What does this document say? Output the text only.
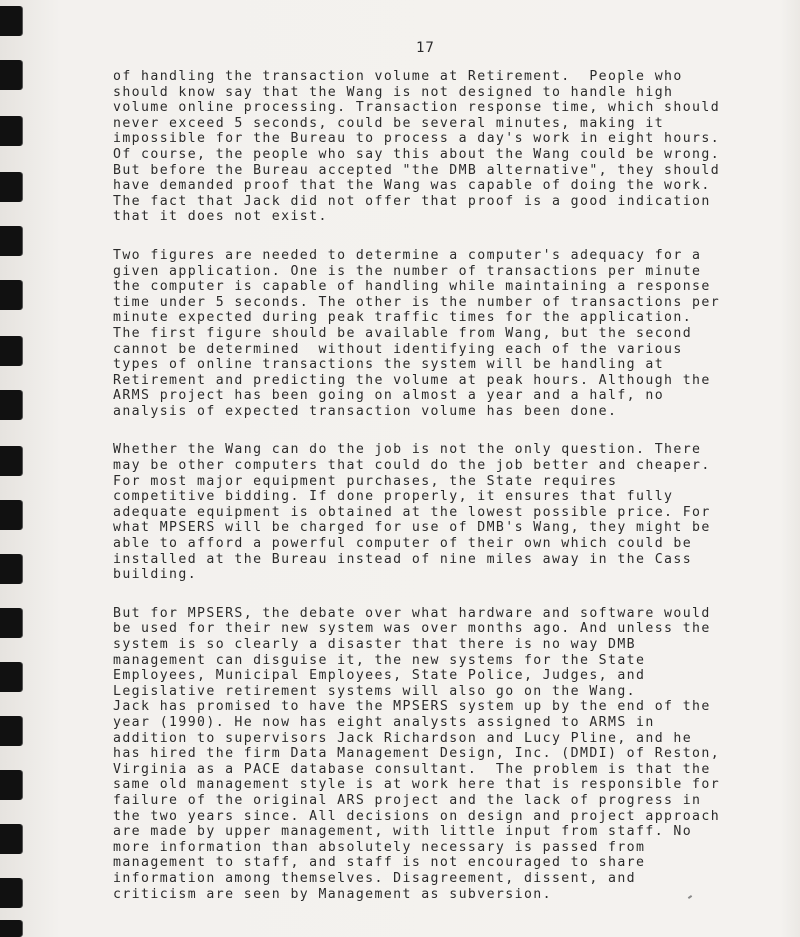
17
of handling the transaction volume at Retirement.  People who
should know say that the Wang is not designed to handle high
volume online processing. Transaction response time, which should
never exceed 5 seconds, could be several minutes, making it
impossible for the Bureau to process a day's work in eight hours.
Of course, the people who say this about the Wang could be wrong.
But before the Bureau accepted "the DMB alternative", they should
have demanded proof that the Wang was capable of doing the work.
The fact that Jack did not offer that proof is a good indication
that it does not exist.
Two figures are needed to determine a computer's adequacy for a
given application. One is the number of transactions per minute
the computer is capable of handling while maintaining a response
time under 5 seconds. The other is the number of transactions per
minute expected during peak traffic times for the application.
The first figure should be available from Wang, but the second
cannot be determined  without identifying each of the various
types of online transactions the system will be handling at
Retirement and predicting the volume at peak hours. Although the
ARMS project has been going on almost a year and a half, no
analysis of expected transaction volume has been done.
Whether the Wang can do the job is not the only question. There
may be other computers that could do the job better and cheaper.
For most major equipment purchases, the State requires
competitive bidding. If done properly, it ensures that fully
adequate equipment is obtained at the lowest possible price. For
what MPSERS will be charged for use of DMB's Wang, they might be
able to afford a powerful computer of their own which could be
installed at the Bureau instead of nine miles away in the Cass
building.
But for MPSERS, the debate over what hardware and software would
be used for their new system was over months ago. And unless the
system is so clearly a disaster that there is no way DMB
management can disguise it, the new systems for the State
Employees, Municipal Employees, State Police, Judges, and
Legislative retirement systems will also go on the Wang.
Jack has promised to have the MPSERS system up by the end of the
year (1990). He now has eight analysts assigned to ARMS in
addition to supervisors Jack Richardson and Lucy Pline, and he
has hired the firm Data Management Design, Inc. (DMDI) of Reston,
Virginia as a PACE database consultant.  The problem is that the
same old management style is at work here that is responsible for
failure of the original ARS project and the lack of progress in
the two years since. All decisions on design and project approach
are made by upper management, with little input from staff. No
more information than absolutely necessary is passed from
management to staff, and staff is not encouraged to share
information among themselves. Disagreement, dissent, and
criticism are seen by Management as subversion.
